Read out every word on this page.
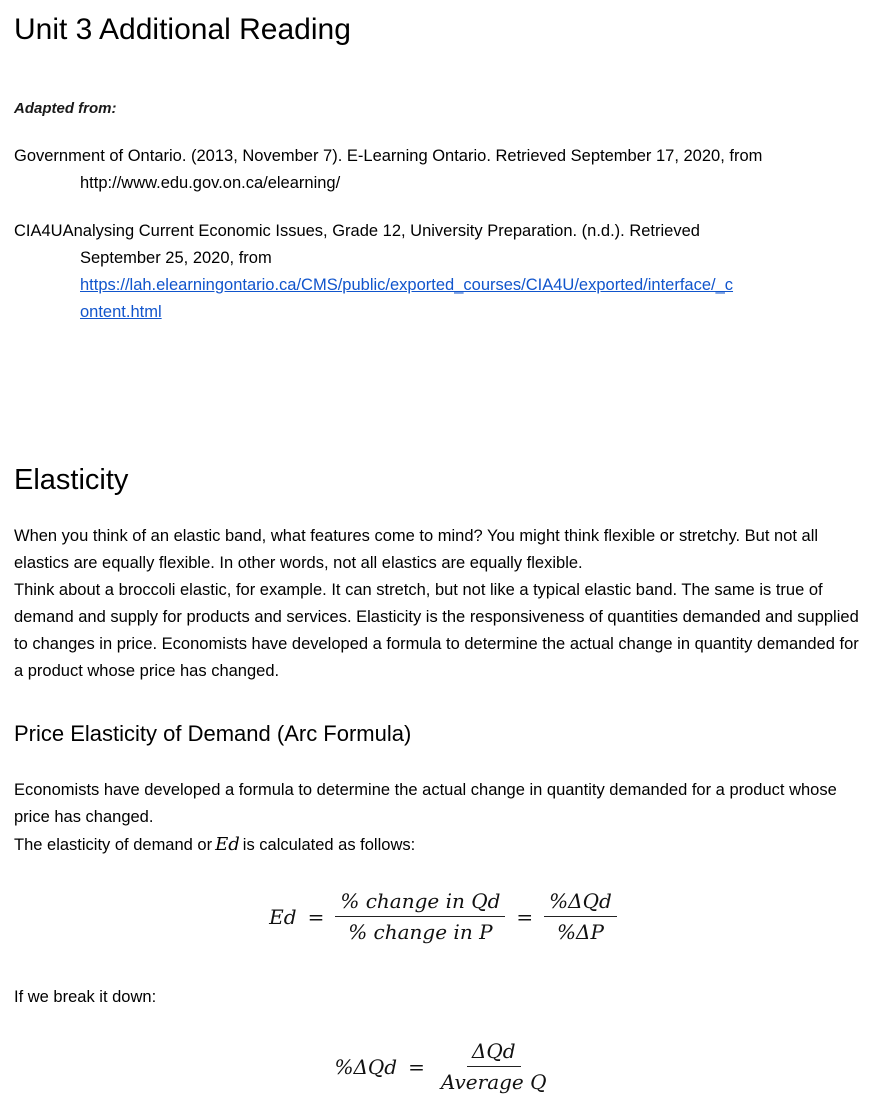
Unit 3 Additional Reading

Adapted from:

Government of Ontario. (2013, November 7). E-Learning Ontario. Retrieved September 17, 2020, from
http://www.edu.gov.on.ca/elearning/

CIA4UAnalysing Current Economic Issues, Grade 12, University Preparation. (n.d.). Retrieved
September 25, 2020, from
https://lah.elearningontario.ca/CMS/public/exported_courses/CIA4U/exported/interface/_c
ontent.html

Elasticity

When you think of an elastic band, what features come to mind? You might think flexible or stretchy. But not all elastics are equally flexible. In other words, not all elastics are equally flexible.

Think about a broccoli elastic, for example. It can stretch, but not like a typical elastic band. The same is true of demand and supply for products and services. Elasticity is the responsiveness of quantities demanded and supplied to changes in price. Economists have developed a formula to determine the actual change in quantity demanded for a product whose price has changed.

Price Elasticity of Demand (Arc Formula)

Economists have developed a formula to determine the actual change in quantity demanded for a product whose price has changed.

The elasticity of demand or Ed is calculated as follows:

$Ed = \frac{\text{\% change in Qd}}{\text{\% change in P}} = \frac{\text{\%ΔQd}}{\%\Delta P}$

If we break it down:

$\%\Delta Qd = \frac{\text{ΔQd}}{\text{Average Q}}$
